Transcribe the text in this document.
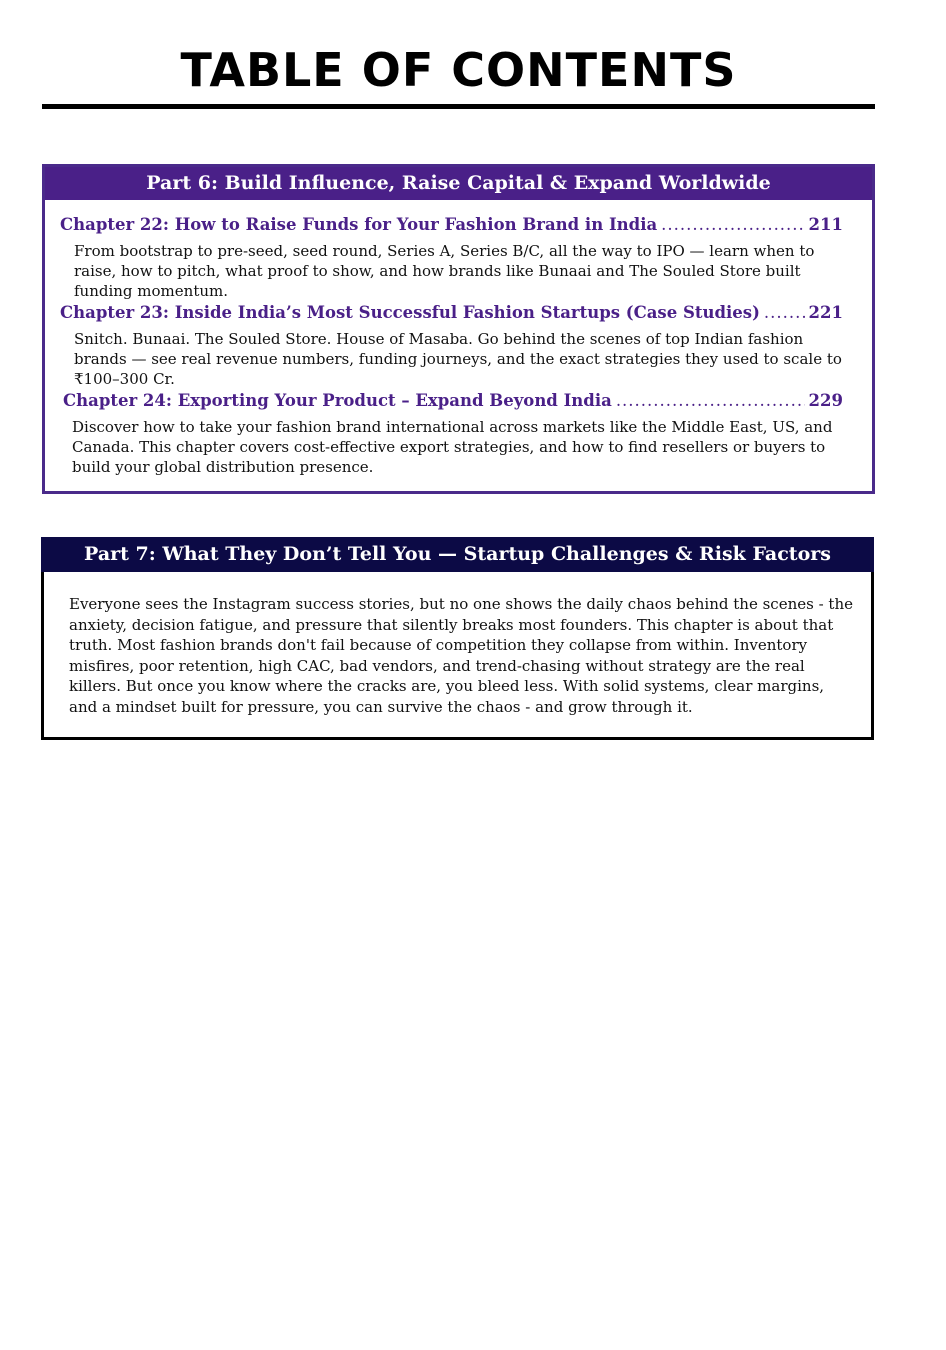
TABLE OF CONTENTS
Part 6: Build Influence, Raise Capital & Expand Worldwide
Chapter 22: How to Raise Funds for Your Fashion Brand in India .....	211
From bootstrap to pre-seed, seed round, Series A, Series B/C, all the way to IPO — learn when to raise, how to pitch, what proof to show, and how brands like Bunaai and The Souled Store built funding momentum.
Chapter 23: Inside India’s Most Successful Fashion Startups (Case Studies) .....	221
Snitch. Bunaai. The Souled Store. House of Masaba. Go behind the scenes of top Indian fashion brands — see real revenue numbers, funding journeys, and the exact strategies they used to scale to ₹100–300 Cr.
Chapter 24: Exporting Your Product – Expand Beyond India .....	229
Discover how to take your fashion brand international across markets like the Middle East, US, and Canada. This chapter covers cost-effective export strategies, and how to find resellers or buyers to build your global distribution presence.
Part 7: What They Don’t Tell You — Startup Challenges & Risk Factors

Everyone sees the Instagram success stories, but no one shows the daily chaos behind the scenes - the anxiety, decision fatigue, and pressure that silently breaks most founders. This chapter is about that truth. Most fashion brands don't fail because of competition they collapse from within. Inventory misfires, poor retention, high CAC, bad vendors, and trend-chasing without strategy are the real killers. But once you know where the cracks are, you bleed less. With solid systems, clear margins, and a mindset built for pressure, you can survive the chaos - and grow through it.
